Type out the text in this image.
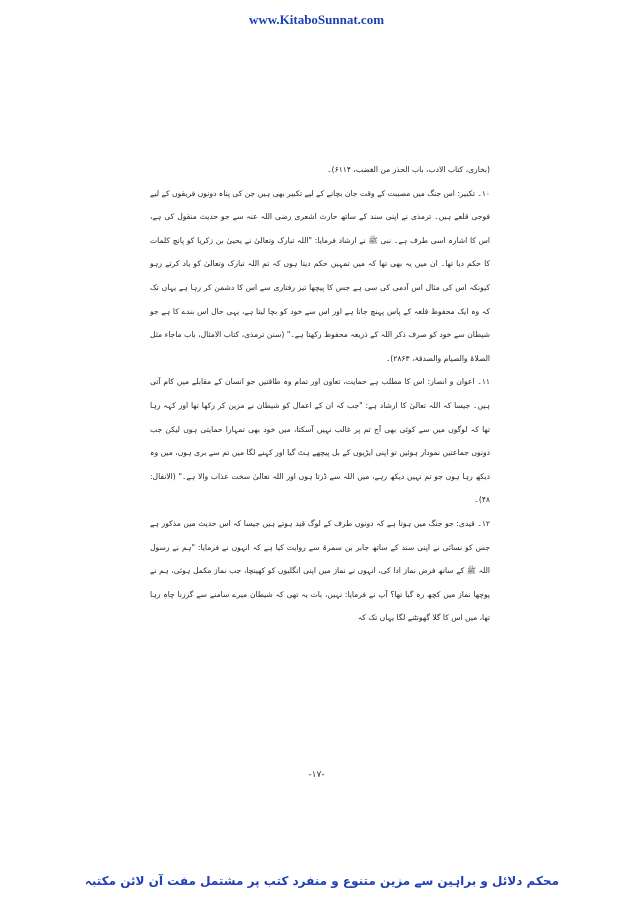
www.KitaboSunnat.com

(بخاری، کتاب الادب، باب الحذر من الغضب، ۶۱۱۴)۔

۱۰۔ تکبیر: اس جنگ میں مصیبت کے وقت جان بچانے کے لیے تکبیر بھی ہیں جن کی پناہ دونوں فریقوں کے لیے فوجی قلعے ہیں۔ ترمذی نے اپنی سند کے ساتھ حارث اشعری رضی اللہ عنہ سے جو حدیث منقول کی ہے، اس کا اشارہ اسی طرف ہے۔ نبی ﷺ نے ارشاد فرمایا: "اللہ تبارک وتعالیٰ نے یحییٰ بن زکریا کو پانچ کلمات کا حکم دیا تھا۔ ان میں یہ بھی تھا کہ میں تمہیں حکم دیتا ہوں کہ تم اللہ تبارک وتعالیٰ کو یاد کرتے رہو کیونکہ اس کی مثال اس آدمی کی سی ہے جس کا پیچھا تیز رفتاری سے اس کا دشمن کر رہا ہے یہاں تک کہ وہ ایک محفوظ قلعہ کے پاس پہنچ جاتا ہے اور اس سے خود کو بچا لیتا ہے، یہی حال اس بندے کا ہے جو شیطان سے خود کو صرف ذکر اللہ کے ذریعہ محفوظ رکھتا ہے۔" (سنن ترمذی، کتاب الامثال، باب ماجاء مثل الصلاۃ والصیام والصدقۃ، ۲۸۶۳)۔

۱۱۔ اعوان و انصار: اس کا مطلب ہے حمایت، تعاون اور تمام وہ طاقتیں جو انسان کے مقابلے میں کام آتی ہیں۔ جیسا کہ اللہ تعالیٰ کا ارشاد ہے: "جب کہ ان کے اعمال کو شیطان نے مزین کر رکھا تھا اور کہہ رہا تھا کہ لوگوں میں سے کوئی بھی آج تم پر غالب نہیں آسکتا، میں خود بھی تمہارا حمایتی ہوں لیکن جب دونوں جماعتیں نمودار ہوئیں تو اپنی ایڑیوں کے بل پیچھے ہٹ گیا اور کہنے لگا میں تم سے بری ہوں، میں وہ دیکھ رہا ہوں جو تم نہیں دیکھ رہے، میں اللہ سے ڈرتا ہوں اور اللہ تعالیٰ سخت عذاب والا ہے۔" (الانفال: ۴۸)۔

۱۲۔ قیدی: جو جنگ میں ہوتا ہے کہ دونوں طرف کے لوگ قید ہوتے ہیں جیسا کہ اس حدیث میں مذکور ہے جس کو نسائی نے اپنی سند کے ساتھ جابر بن سمرۃ سے روایت کیا ہے کہ انہوں نے فرمایا: "ہم نے رسول اللہ ﷺ کے ساتھ فرض نماز ادا کی، انہوں نے نماز میں اپنی انگلیوں کو کھینچا، جب نماز مکمل ہوئی، ہم نے پوچھا نماز میں کچھ رہ گیا تھا؟ آپ نے فرمایا: نہیں، بات یہ تھی کہ شیطان میرے سامنے سے گزرنا چاہ رہا تھا، میں اس کا گلا گھونٹنے لگا یہاں تک کہ

-۱۷-
محکم دلائل و براہین سے مزین متنوع و منفرد کتب پر مشتمل مفت آن لائن مکتبہ
